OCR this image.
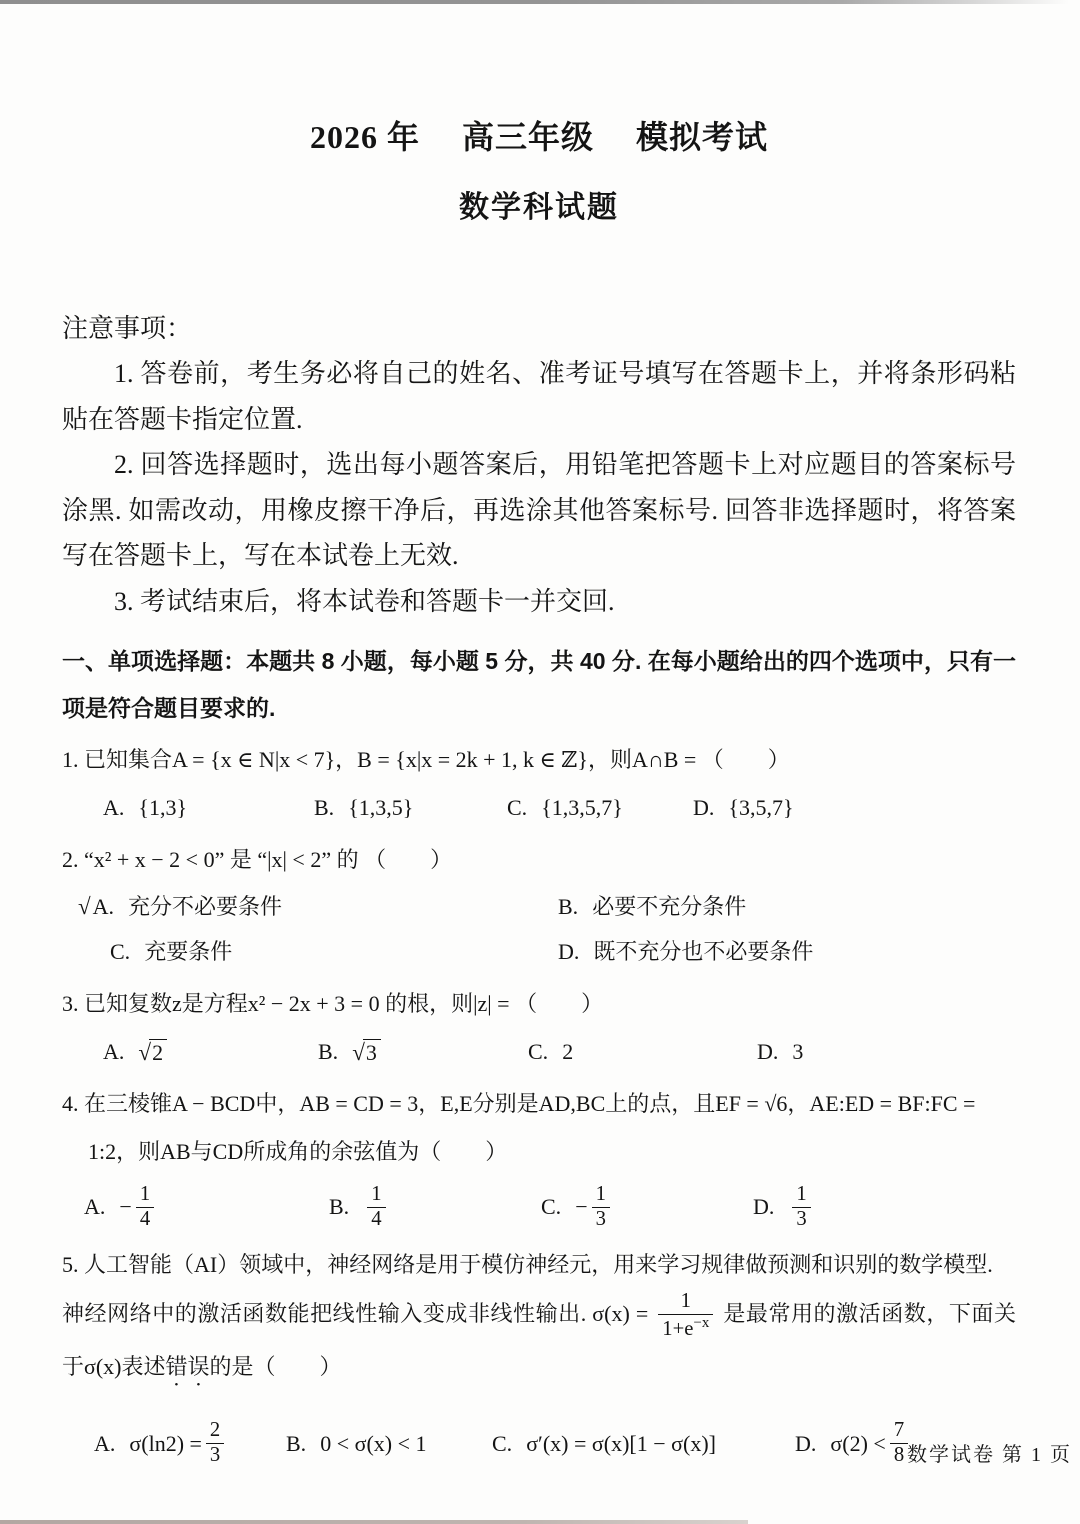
2026 年　 高三年级　 模拟考试
数学科试题

注意事项：

1. 答卷前，考生务必将自己的姓名、准考证号填写在答题卡上，并将条形码粘贴在答题卡指定位置.

2. 回答选择题时，选出每小题答案后，用铅笔把答题卡上对应题目的答案标号涂黑. 如需改动，用橡皮擦干净后，再选涂其他答案标号. 回答非选择题时，将答案写在答题卡上，写在本试卷上无效.

3. 考试结束后，将本试卷和答题卡一并交回.

一、单项选择题：本题共 8 小题，每小题 5 分，共 40 分. 在每小题给出的四个选项中，只有一项是符合题目要求的.

1. 已知集合A = {x ∈ N|x < 7}，B = {x|x = 2k + 1, k ∈ ℤ}，则A∩B = （　　）

A. {1,3}	B. {1,3,5}	C. {1,3,5,7}	D. {3,5,7}

2. “x² + x − 2 < 0” 是 “|x| < 2” 的 （　　）

√ A. 充分不必要条件	B. 必要不充分条件
C. 充要条件	D. 既不充分也不必要条件

3. 已知复数z是方程x² − 2x + 3 = 0 的根，则|z| = （　　）

A. √ 2	B. √ 3	C. 2	D. 3

4. 在三棱锥A − BCD中，AB = CD = 3，E,E分别是AD,BC上的点，且EF = √6，AE:ED = BF:FC =

1:2，则AB与CD所成角的余弦值为（　　）

A. − $\frac{1}{4}$	B. $\frac{1}{4}$	C. − $\frac{1}{3}$	D. $\frac{1}{3}$

5. 人工智能（AI）领域中，神经网络是用于模仿神经元，用来学习规律做预测和识别的数学模型.
神经网络中的激活函数能把线性输入变成非线性输出. $\sigma(x) = \frac{1}{1+e^{-x}}$ 是最常用的激活函数，下面关于σ(x)表述错误的是（　　）

A. $\sigma(\ln 2) = \frac{2}{3}$	B. 0 < σ(x) < 1	C. σ′(x) = σ(x)[1 − σ(x)]	D. $\sigma(2) < \frac{7}{8}$
数学试卷 第 1 页
